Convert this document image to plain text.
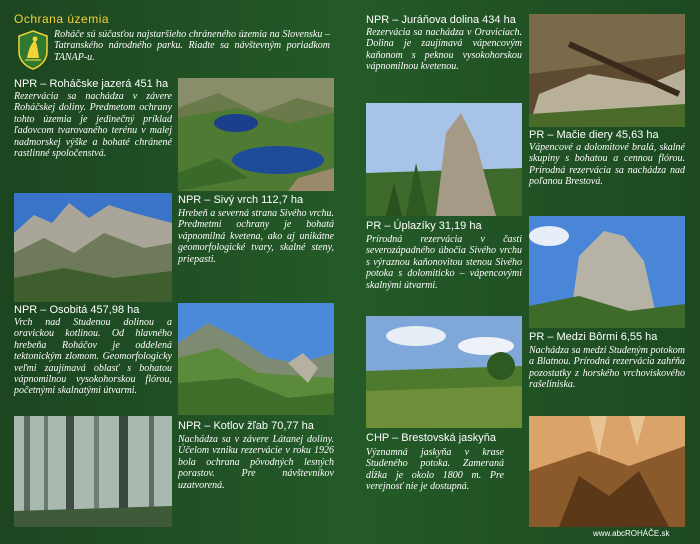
Ochrana územia
Roháče sú súčasťou najstaršieho chráneného územia na Slovensku – Tatranského národného parku. Riadte sa návštevným poriadkom TANAP-u.
NPR – Roháčske jazerá 451 ha
Rezervácia sa nachádza v závere Roháčskej doliny. Predmetom ochrany tohto územia je jedinečný príklad ľadovcom tvarovaného terénu v malej nadmorskej výške a bohaté chránené rastlinné spoločenstvá.
NPR – Osobitá 457,98 ha
Vrch nad Studenou dolinou a oravickou kotlinou. Od hlavného hrebeňa Roháčov je oddelená tektonickým zlomom. Geomorfologicky veľmi zaujímavá oblasť s bohatou vápnomilnou vysokohorskou flórou, početnými skalnatými útvarmi.
NPR – Sivý vrch 112,7 ha
Hrebeň a severná strana Sivého vrchu. Predmetmi ochrany je bohatá vápnomilná kvetena, ako aj unikátne geomorfologické tvary, skalné steny, priepasti.
NPR – Kotlov žľab 70,77 ha
Nachádza sa v závere Látanej doliny. Účelom vzniku rezervácie v roku 1926 bola ochrana pôvodných lesných porastov. Pre návštevníkov uzatvorená.
NPR – Juráňova dolina 434 ha
Rezervácia sa nachádza v Oraviciach. Dolina je zaujímavá vápencovým kaňonom s peknou vysokohorskou vápnomilnou kvetenou.
PR – Úplazíky 31,19 ha
Prírodná rezervácia v časti severozápadného úbočia Sivého vrchu s výraznou kaňonovitou stenou Sivého potoka s dolomiticko – vápencovými skalnými útvarmi.
CHP – Brestovská jaskyňa
Významná jaskyňa v krase Studeného potoka. Zameraná dĺžka je okolo 1800 m. Pre verejnosť nie je dostupná.
PR – Mačie diery 45,63 ha
Vápencové a dolomitové bralá, skalné skupiny s bohatou a cennou flórou. Prírodná rezervácia sa nachádza nad poľanou Brestová.
PR – Medzi Bôrmi 6,55 ha
Nachádza sa medzi Studeným potokom a Blatnou. Prírodná rezervácia zahŕňa pozostatky z horského vrchoviskového rašeliniska.
www.abcROHÁČE.sk
